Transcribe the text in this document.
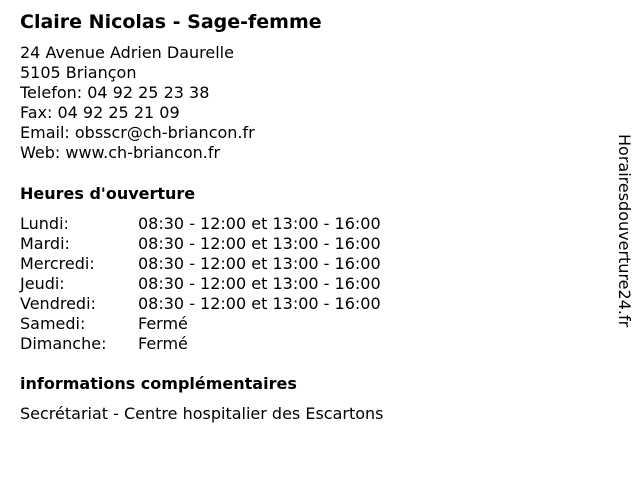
Claire Nicolas - Sage-femme
24 Avenue Adrien Daurelle
5105 Briançon
Telefon: 04 92 25 23 38
Fax: 04 92 25 21 09
Email: obsscr@ch-briancon.fr
Web: www.ch-briancon.fr
Heures d'ouverture
Lundi:	08:30 - 12:00 et 13:00 - 16:00
Mardi:	08:30 - 12:00 et 13:00 - 16:00
Mercredi:	08:30 - 12:00 et 13:00 - 16:00
Jeudi:	08:30 - 12:00 et 13:00 - 16:00
Vendredi:	08:30 - 12:00 et 13:00 - 16:00
Samedi:	Fermé
Dimanche: Fermé
informations complémentaires
Secrétariat - Centre hospitalier des Escartons
Horairesdouverture24.fr
